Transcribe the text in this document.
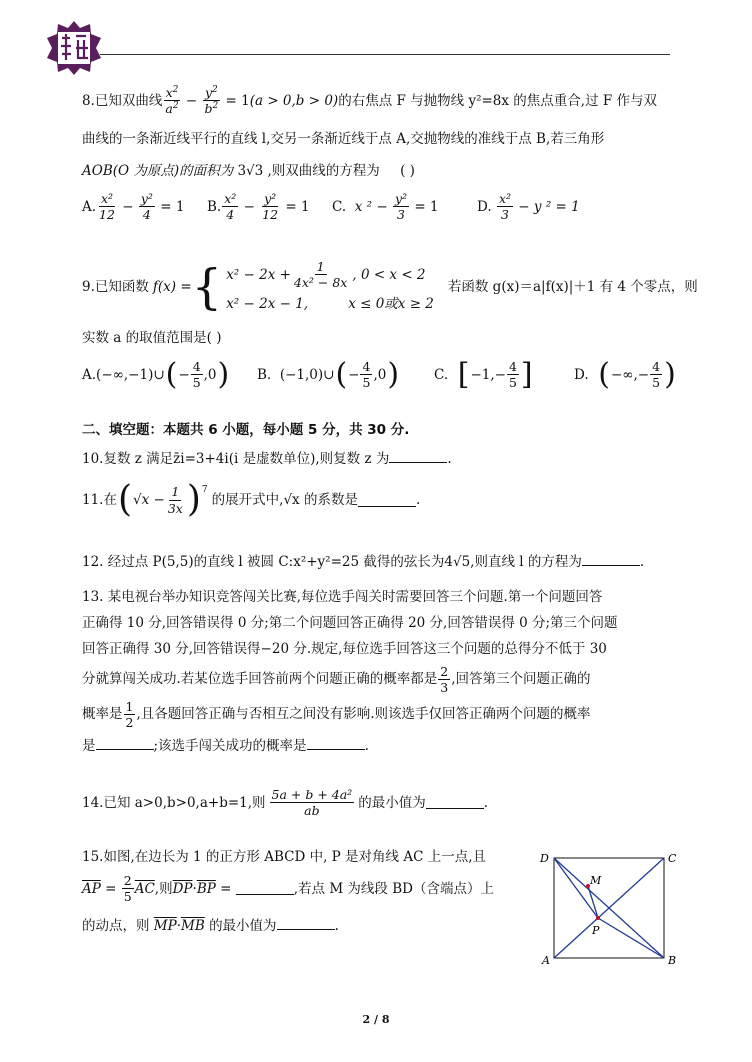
8.已知双曲线 $\frac{x^2}{a^2} - \frac{y^2}{b^2} = 1$ (a > 0,b > 0) 的右焦点 F 与抛物线 y²=8x 的焦点重合,过 F 作与双
曲线的一条渐近线平行的直线 l,交另一条渐近线于点 A,交抛物线的准线于点 B,若三角形
AOB(O 为原点)的面积为 3√3 ,则双曲线的方程为 ( )
A. $\frac{\text{x²}}{12} - \frac{\text{y²}}{4}$
= 1 B. $\frac{\text{x²}}{4} - \frac{\text{y²}}{12}$
= 1 C.
x ² −
$\frac{\text{y²}}{3}$
= 1	D.
$\frac{\text{x²}}{3}$
− y ² = 1
9.已知函数 f(x) = { $x^2 - 2x + \frac{1}{\text{4x² − 8x}}$ , 0 < x < 2
x² − 2x − 1,	x ≤ 0或x ≥ 2
若函数 g(x)＝a|f(x)|＋1 有 4 个零点，则
实数 a 的取值范围是( )
A. (−∞,−1)∪ ( − $\frac{4}{5} ,0$ ) B.
(−1,0)∪ ( − $\frac{4}{5} ,0$ )	C.
[ $-1,- \frac{4}{5}$ ]	D.
( −∞,− $\frac{4}{5}$ )
二、填空题：本题共 6 小题，每小题 5 分，共 30 分.
10.复数 z 满足z̄i=3+4i(i 是虚数单位),则复数 z 为	.
11.在 ( $√x - \frac{1}{3x} )^7$
的展开式中,√x 的系数是	.
12. 经过点 P(5,5)的直线 l 被圆 C:x²+y²=25 截得的弦长为4√5,则直线 l 的方程为	.
13. 某电视台举办知识竞答闯关比赛,每位选手闯关时需要回答三个问题.第一个问题回答
正确得 10 分,回答错误得 0 分;第二个问题回答正确得 20 分,回答错误得 0 分;第三个问题
回答正确得 30 分,回答错误得−20 分.规定,每位选手回答这三个问题的总得分不低于 30
分就算闯关成功.若某位选手回答前两个问题正确的概率都是 $\frac{2}{3}$ ,回答第三个问题正确的
概率是 $\frac{1}{2}$ ,且各题回答正确与否相互之间没有影响.则该选手仅回答正确两个问题的概率
是	;该选手闯关成功的概率是	.
14.已知 a>0,b>0,a+b=1,则 $\frac{\text{5a + b + 4a²}}{ab}$ 的最小值为	.
15.如图,在边长为 1 的正方形 ABCD 中, P 是对角线 AC 上一点,且
$\overline{AP}$
=
$\frac{2}{5} \overline{AC}$ ,则 $\overline{DP} \cdot \overline{BP}$
=
	,若点 M 为线段 BD（含端点）上
的动点，则 $\overline{MP}\cdot\overline{MB}$ 的最小值为	.
D	C
A	B
M
P
2 / 8
